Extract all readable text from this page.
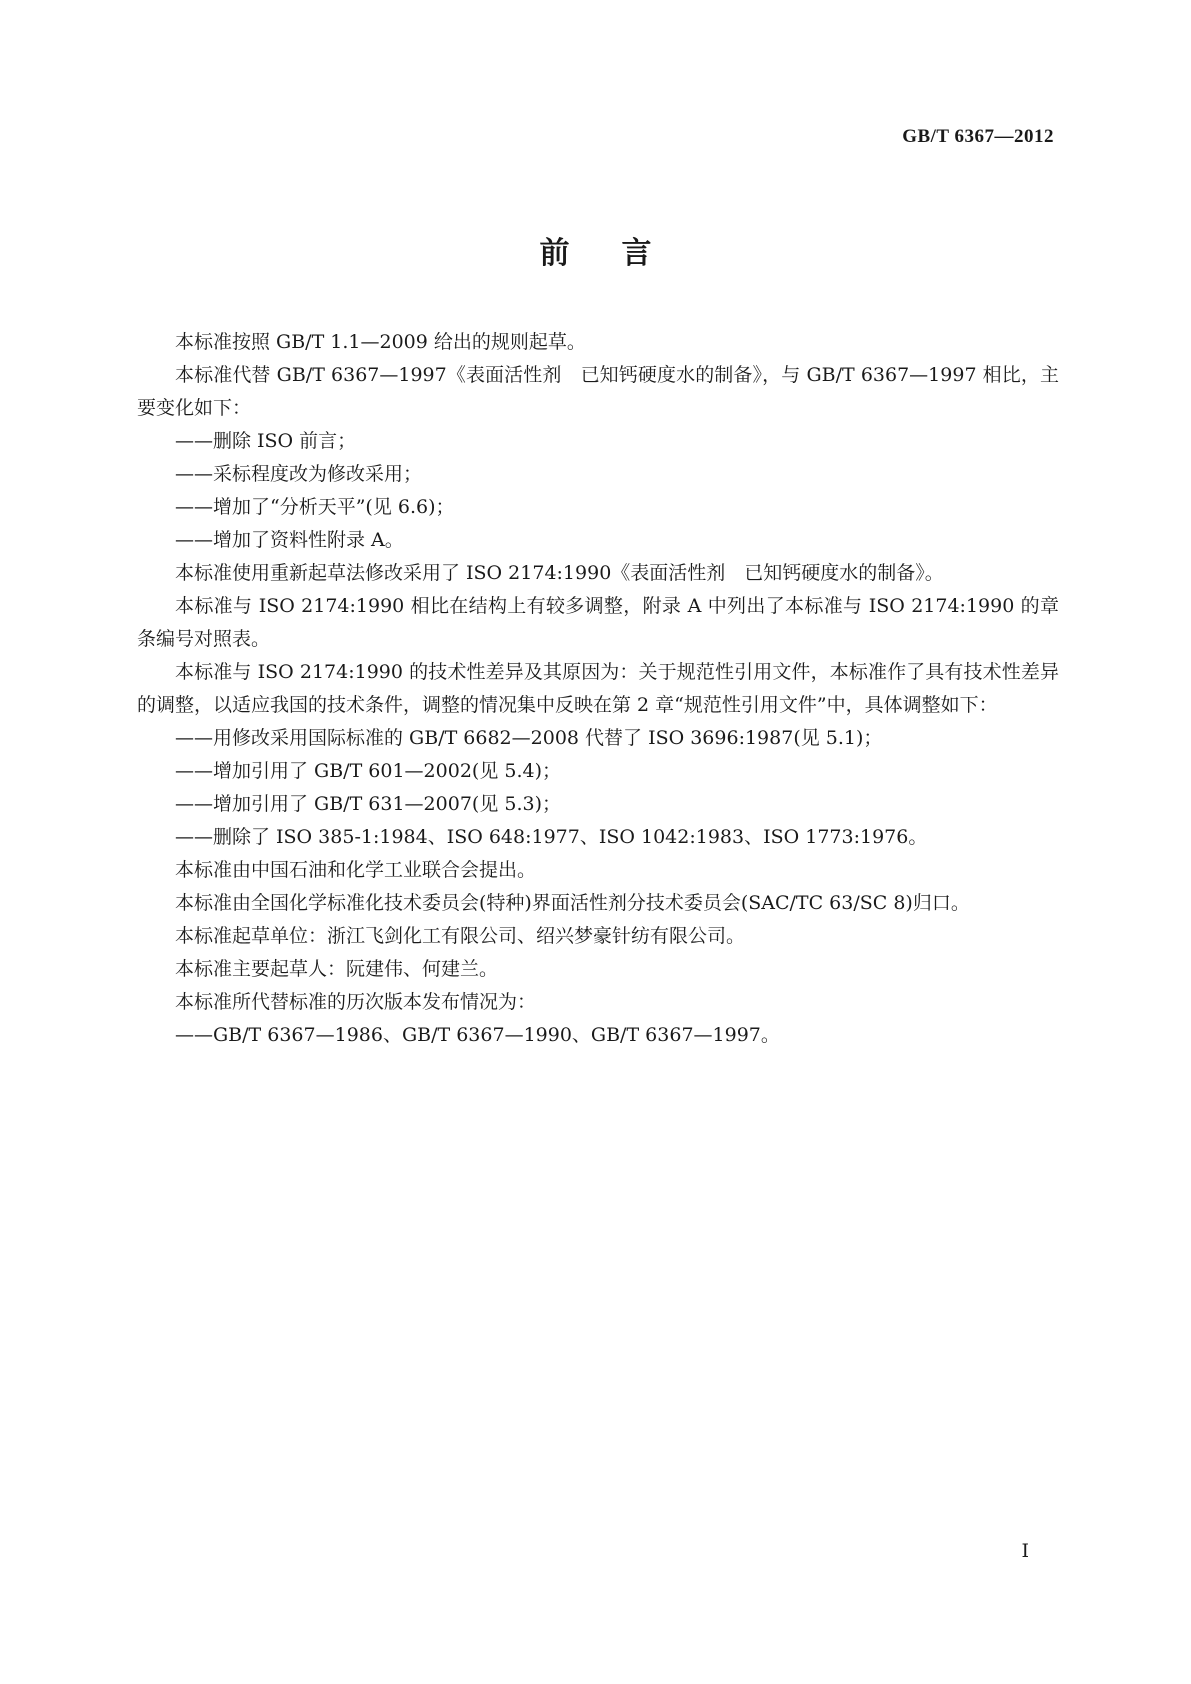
GB/T 6367—2012
前言

本标准按照 GB/T 1.1—2009 给出的规则起草。

本标准代替 GB/T 6367—1997《表面活性剂　已知钙硬度水的制备》，与 GB/T 6367—1997 相比，主要变化如下：

——删除 ISO 前言；

——采标程度改为修改采用；

——增加了“分析天平”(见 6.6)；

——增加了资料性附录 A。

本标准使用重新起草法修改采用了 ISO 2174:1990《表面活性剂　已知钙硬度水的制备》。

本标准与 ISO 2174:1990 相比在结构上有较多调整，附录 A 中列出了本标准与 ISO 2174:1990 的章条编号对照表。

本标准与 ISO 2174:1990 的技术性差异及其原因为：关于规范性引用文件，本标准作了具有技术性差异的调整，以适应我国的技术条件，调整的情况集中反映在第 2 章“规范性引用文件”中，具体调整如下：

——用修改采用国际标准的 GB/T 6682—2008 代替了 ISO 3696:1987(见 5.1)；

——增加引用了 GB/T 601—2002(见 5.4)；

——增加引用了 GB/T 631—2007(见 5.3)；

——删除了 ISO 385-1:1984、ISO 648:1977、ISO 1042:1983、ISO 1773:1976。

本标准由中国石油和化学工业联合会提出。

本标准由全国化学标准化技术委员会(特种)界面活性剂分技术委员会(SAC/TC 63/SC 8)归口。

本标准起草单位：浙江飞剑化工有限公司、绍兴梦豪针纺有限公司。

本标准主要起草人：阮建伟、何建兰。

本标准所代替标准的历次版本发布情况为：

——GB/T 6367—1986、GB/T 6367—1990、GB/T 6367—1997。

I
